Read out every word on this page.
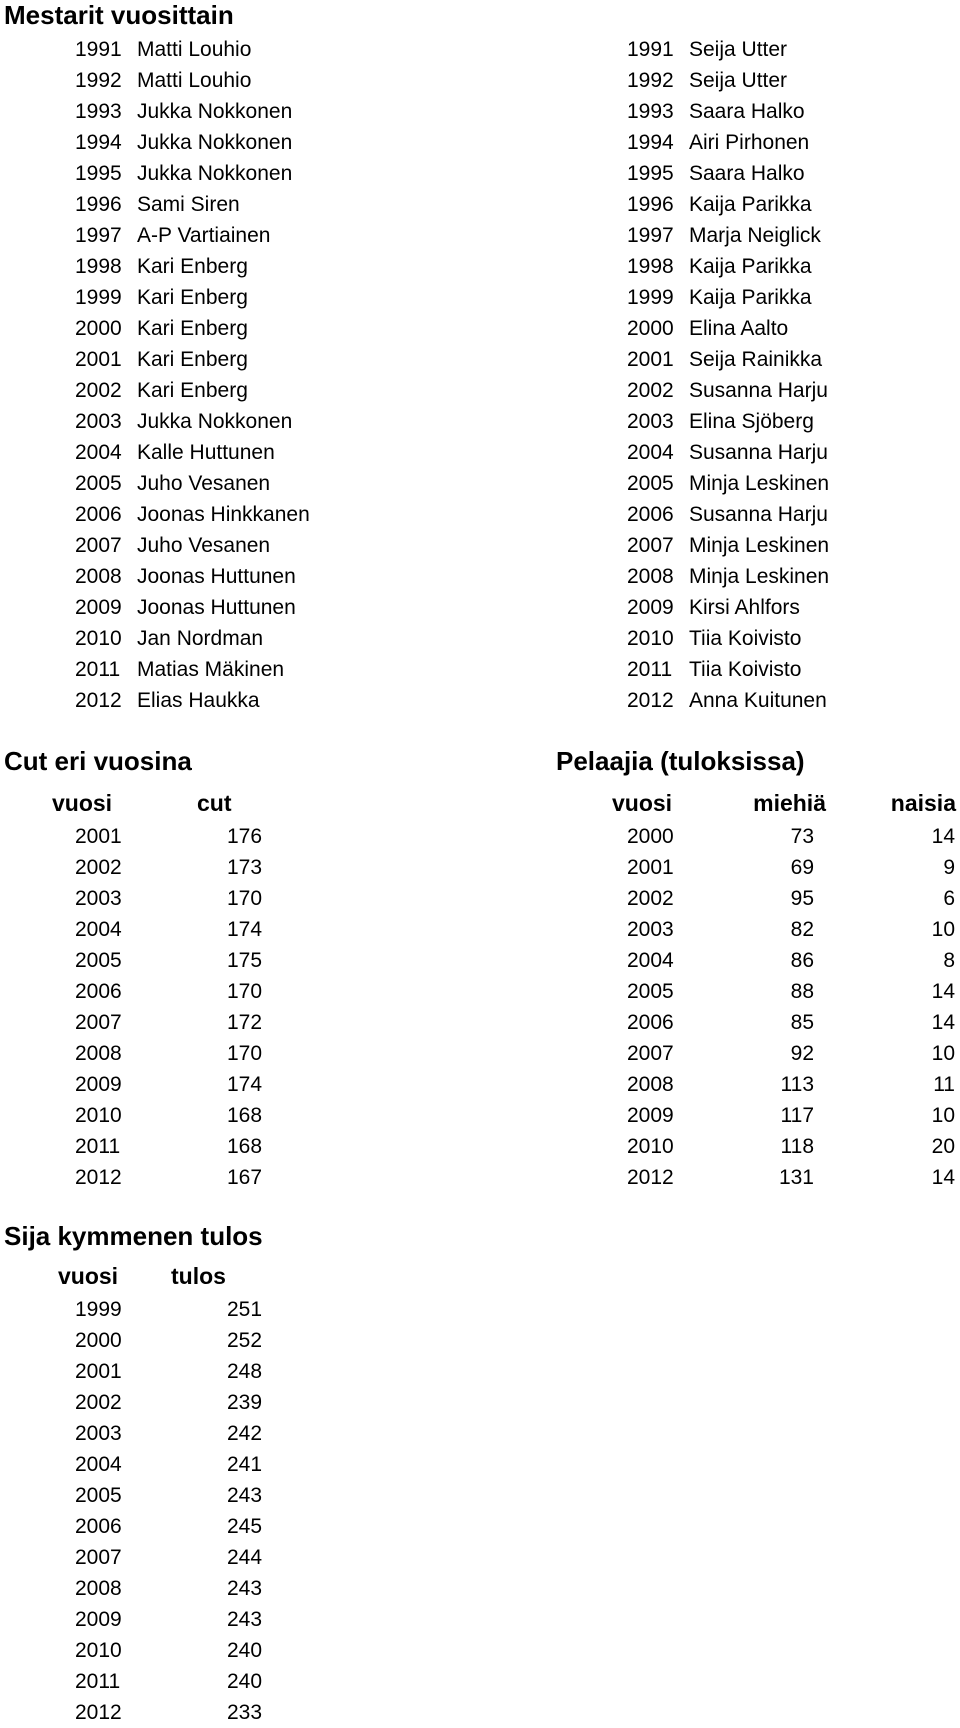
Mestarit vuosittain
1991 Matti Louhio
1992 Matti Louhio
1993 Jukka Nokkonen
1994 Jukka Nokkonen
1995 Jukka Nokkonen
1996 Sami Siren
1997 A-P Vartiainen
1998 Kari Enberg
1999 Kari Enberg
2000 Kari Enberg
2001 Kari Enberg
2002 Kari Enberg
2003 Jukka Nokkonen
2004 Kalle Huttunen
2005 Juho Vesanen
2006 Joonas Hinkkanen
2007 Juho Vesanen
2008 Joonas Huttunen
2009 Joonas Huttunen
2010 Jan Nordman
2011 Matias Mäkinen
2012 Elias Haukka
1991 Seija Utter
1992 Seija Utter
1993 Saara Halko
1994 Airi Pirhonen
1995 Saara Halko
1996 Kaija Parikka
1997 Marja Neiglick
1998 Kaija Parikka
1999 Kaija Parikka
2000 Elina Aalto
2001 Seija Rainikka
2002 Susanna Harju
2003 Elina Sjöberg
2004 Susanna Harju
2005 Minja Leskinen
2006 Susanna Harju
2007 Minja Leskinen
2008 Minja Leskinen
2009 Kirsi Ahlfors
2010 Tiia Koivisto
2011 Tiia Koivisto
2012 Anna Kuitunen
Cut eri vuosina
vuosi	cut
2001	176
2002	173
2003	170
2004	174
2005	175
2006	170
2007	172
2008	170
2009	174
2010	168
2011	168
2012	167
Pelaajia (tuloksissa)
vuosi	miehiä	naisia
2000	73	14
2001	69	9
2002	95	6
2003	82	10
2004	86	8
2005	88	14
2006	85	14
2007	92	10
2008	113	11
2009	117	10
2010	118	20
2012	131	14
Sija kymmenen tulos
vuosi tulos
1999	251
2000	252
2001	248
2002	239
2003	242
2004	241
2005	243
2006	245
2007	244
2008	243
2009	243
2010	240
2011	240
2012	233
